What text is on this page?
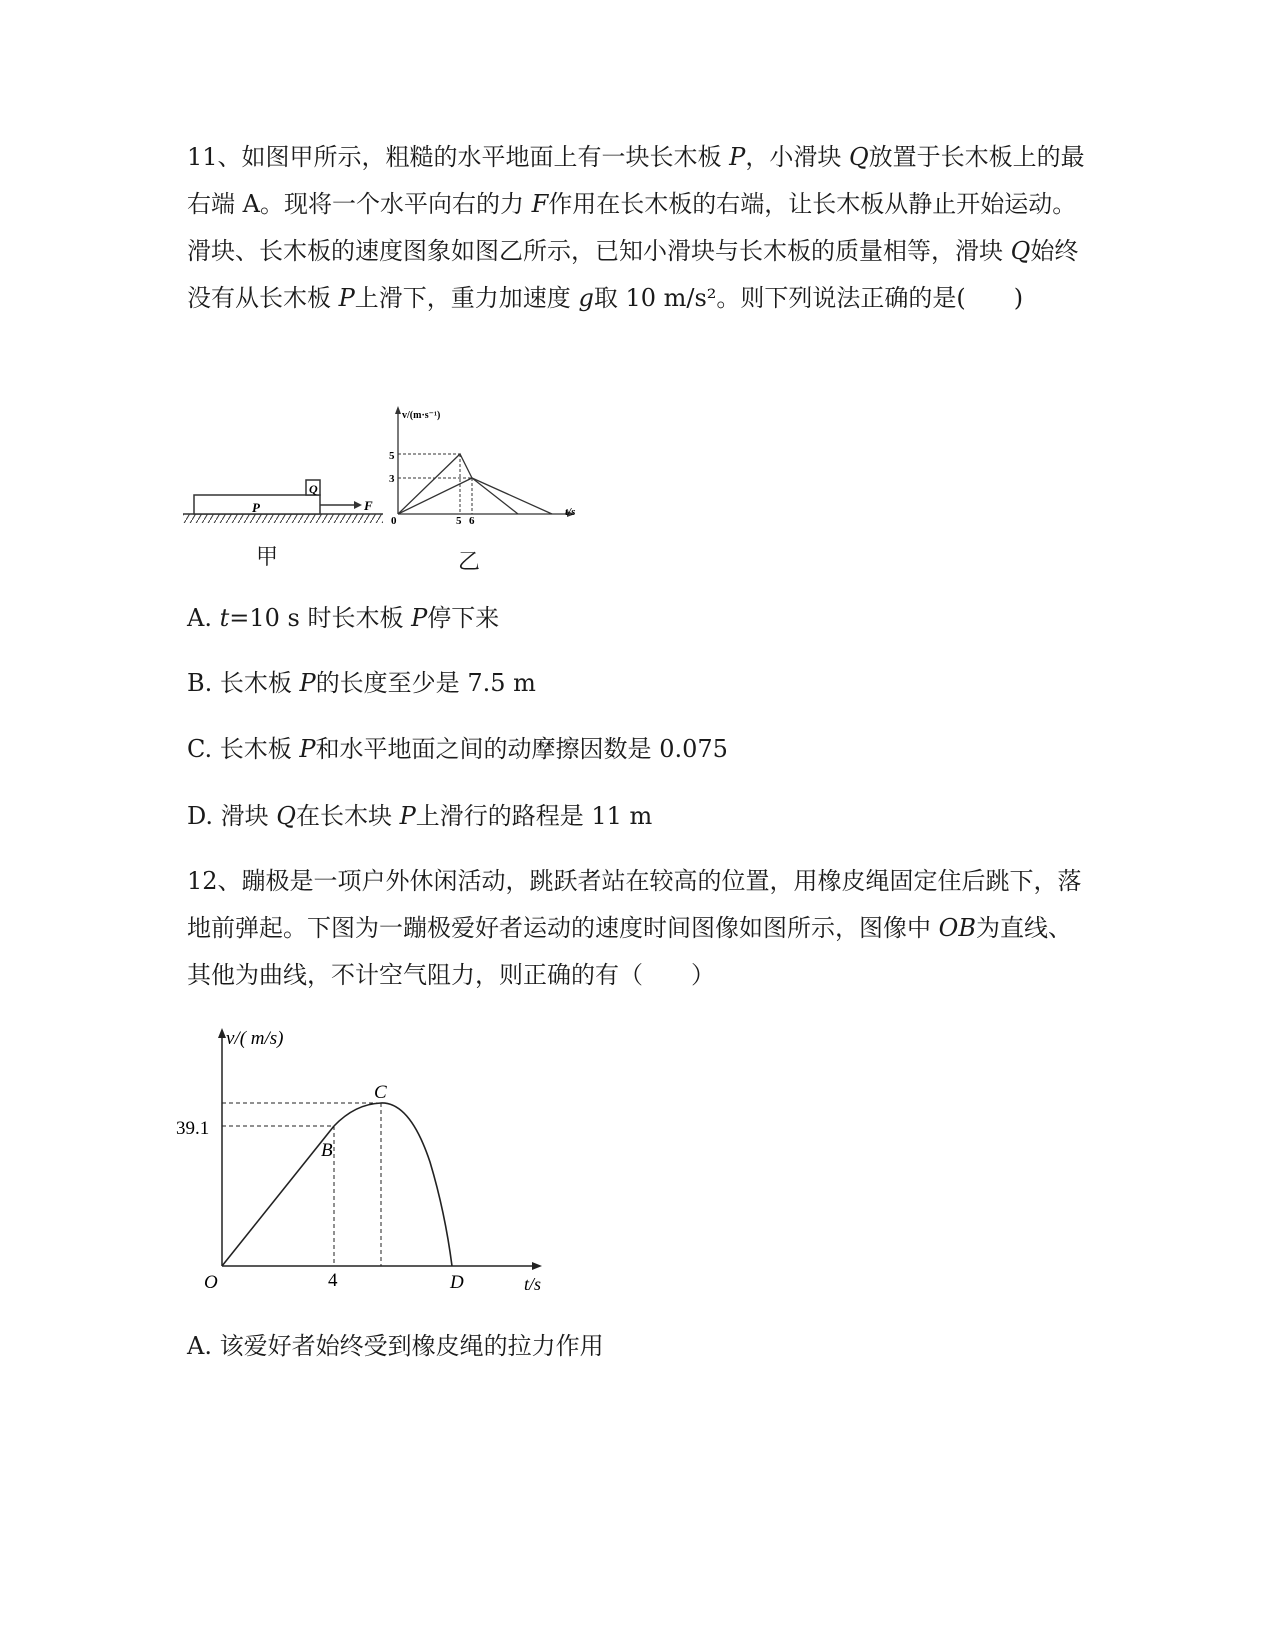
11、如图甲所示，粗糙的水平地面上有一块长木板 P，小滑块 Q放置于长木板上的最右端 A。现将一个水平向右的力 F作用在长木板的右端，让长木板从静止开始运动。滑块、长木板的速度图象如图乙所示，已知小滑块与长木板的质量相等，滑块 Q始终没有从长木板 P上滑下，重力加速度 g取 10 m/s²。则下列说法正确的是(　　)
P
Q
F
甲
v/(m·s⁻¹)
t/s
0
5
3
5 6
乙
A. t=10 s 时长木板 P停下来
B. 长木板 P的长度至少是 7.5 m
C. 长木板 P和水平地面之间的动摩擦因数是 0.075
D. 滑块 Q在长木块 P上滑行的路程是 11 m
12、蹦极是一项户外休闲活动，跳跃者站在较高的位置，用橡皮绳固定住后跳下，落地前弹起。下图为一蹦极爱好者运动的速度时间图像如图所示，图像中 OB为直线、其他为曲线，不计空气阻力，则正确的有（　　）
v/( m/s)
t/s
O
39.1
4
B
C
D
A. 该爱好者始终受到橡皮绳的拉力作用
